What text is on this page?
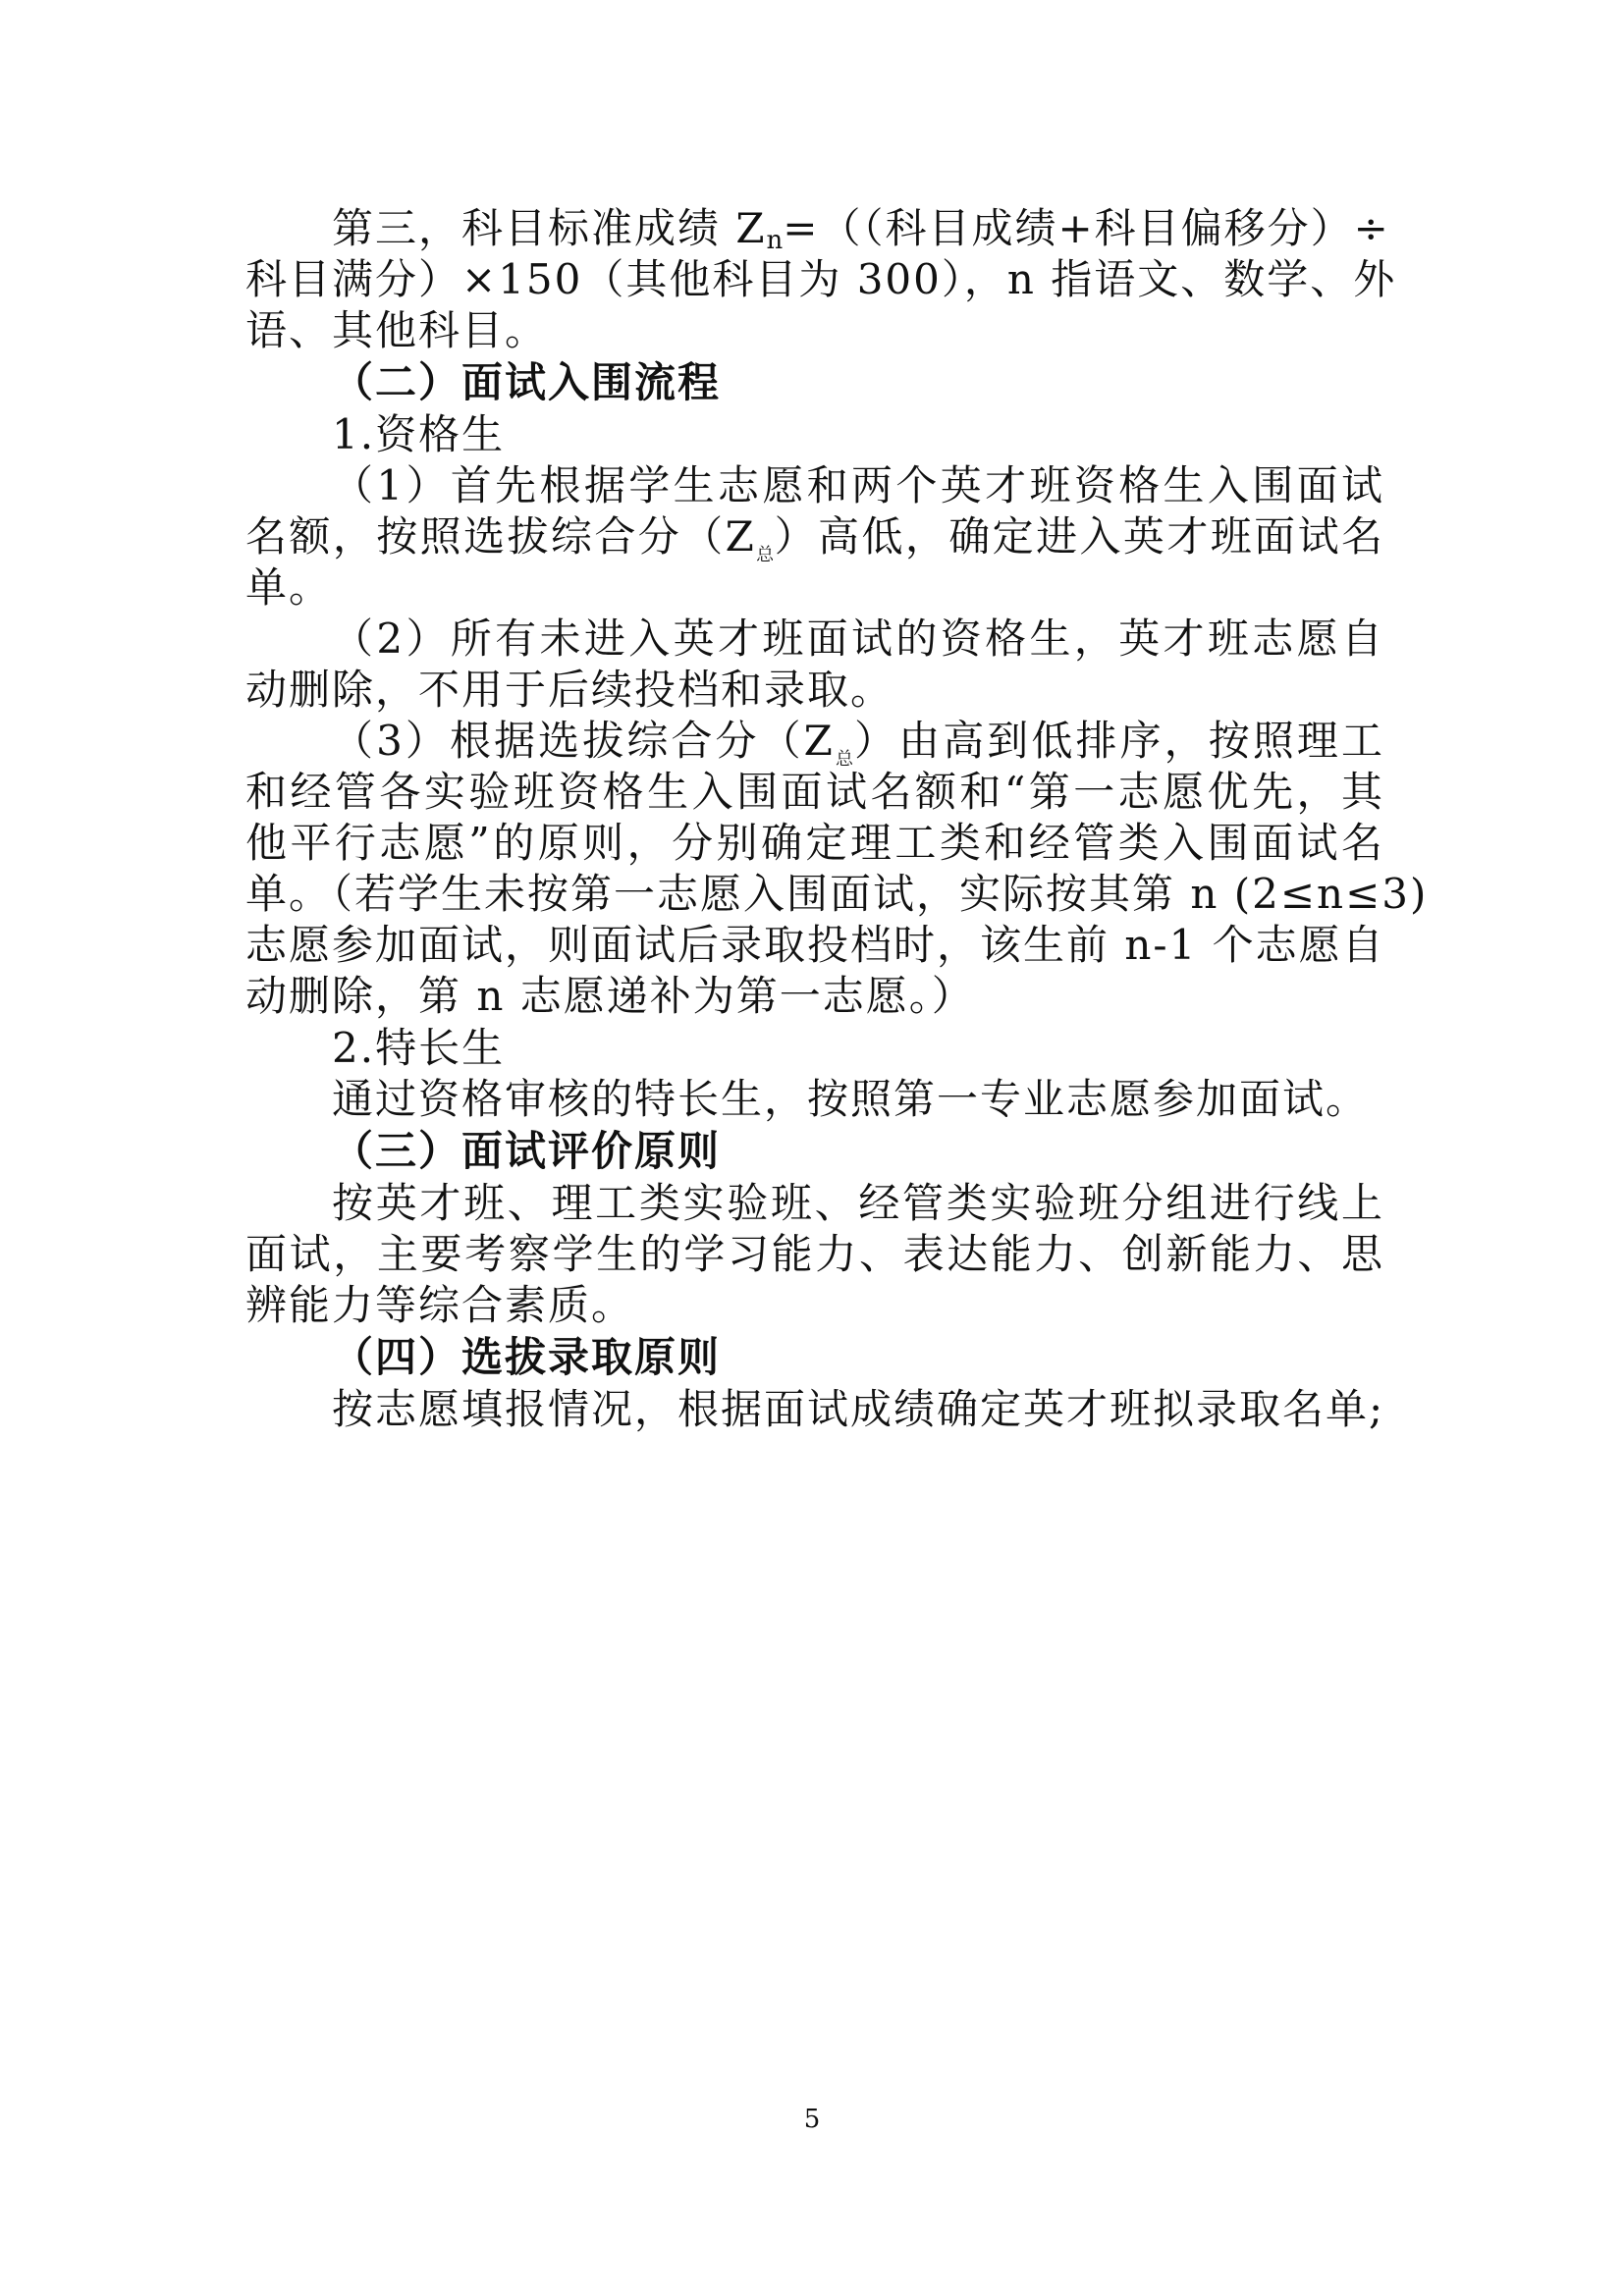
第三，科目标准成绩 $Z_n=$（（科目成绩+科目偏移分）÷
科目满分）×150（其他科目为 300），n 指语文、数学、外
语、其他科目。
（二）面试入围流程
1.资格生
（1）首先根据学生志愿和两个英才班资格生入围面试
名额，按照选拔综合分$(Z_总)$高低，确定进入英才班面试名
单。
（2）所有未进入英才班面试的资格生，英才班志愿自
动删除，不用于后续投档和录取。
（3）根据选拔综合分$(Z_总)$由高到低排序，按照理工
和经管各实验班资格生入围面试名额和“第一志愿优先，其
他平行志愿”的原则，分别确定理工类和经管类入围面试名
单。（若学生未按第一志愿入围面试，实际按其第 n (2≤n≤3)
志愿参加面试，则面试后录取投档时，该生前 n-1 个志愿自
动删除，第 n 志愿递补为第一志愿。）
2.特长生
通过资格审核的特长生，按照第一专业志愿参加面试。
（三）面试评价原则
按英才班、理工类实验班、经管类实验班分组进行线上
面试，主要考察学生的学习能力、表达能力、创新能力、思
辨能力等综合素质。
（四）选拔录取原则
按志愿填报情况，根据面试成绩确定英才班拟录取名单;
5
